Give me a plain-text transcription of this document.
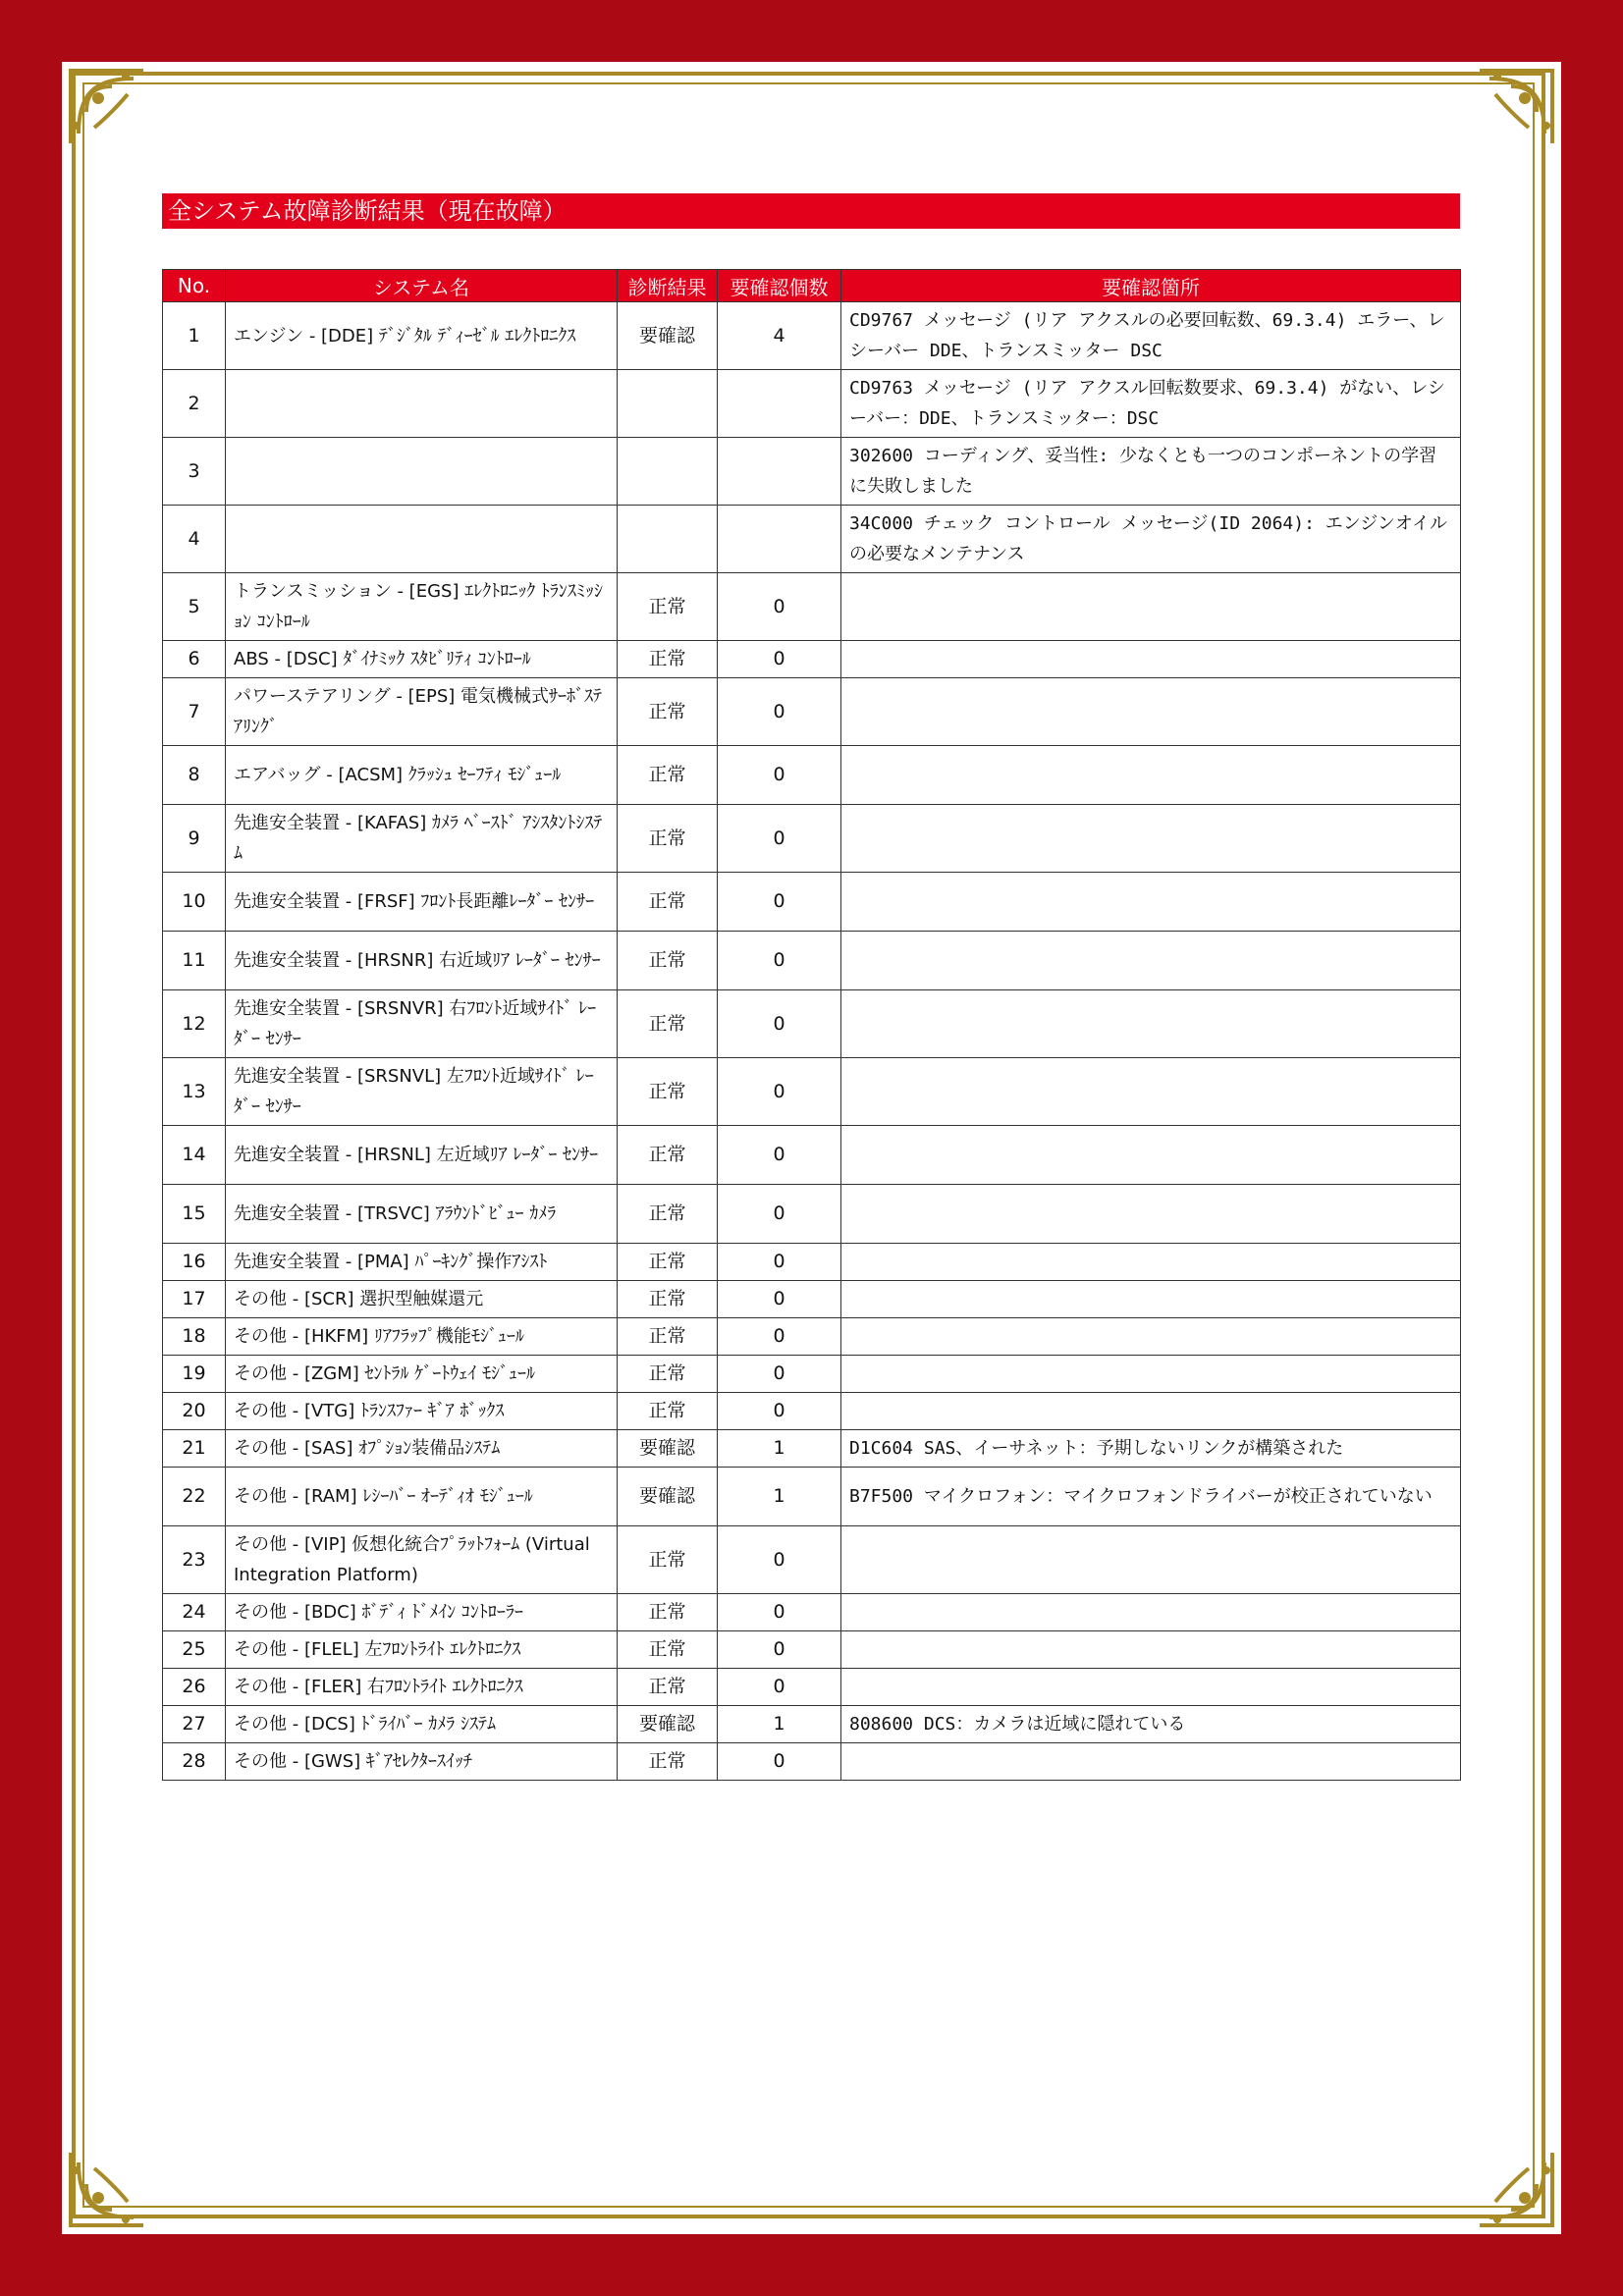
全システム故障診断結果（現在故障）
No.	システム名	診断結果	要確認個数	要確認箇所
1	エンジン - [DDE] ﾃﾞｼﾞﾀﾙ ﾃﾞｨｰｾﾞﾙ ｴﾚｸﾄﾛﾆｸｽ	要確認	4	CD9767 メッセージ (リア アクスルの必要回転数、69.3.4) エラー、レシーバー DDE、トランスミッター DSC
2				CD9763 メッセージ (リア アクスル回転数要求、69.3.4) がない、レシーバー：DDE、トランスミッター：DSC
3				302600 コーディング、妥当性: 少なくとも一つのコンポーネントの学習に失敗しました
4				34C000 チェック コントロール メッセージ(ID 2064): エンジンオイルの必要なメンテナンス
5	トランスミッション - [EGS] ｴﾚｸﾄﾛﾆｯｸ ﾄﾗﾝｽﾐｯｼｮﾝ ｺﾝﾄﾛｰﾙ	正常	0	
6	ABS - [DSC] ﾀﾞｲﾅﾐｯｸ ｽﾀﾋﾞﾘﾃｨ ｺﾝﾄﾛｰﾙ	正常	0	
7	パワーステアリング - [EPS] 電気機械式ｻｰﾎﾞｽﾃｱﾘﾝｸﾞ	正常	0	
8	エアバッグ - [ACSM] ｸﾗｯｼｭ ｾｰﾌﾃｨ ﾓｼﾞｭｰﾙ	正常	0	
9	先進安全装置 - [KAFAS] ｶﾒﾗ ﾍﾞｰｽﾄﾞ ｱｼｽﾀﾝﾄｼｽﾃﾑ	正常	0	
10	先進安全装置 - [FRSF] ﾌﾛﾝﾄ長距離ﾚｰﾀﾞｰ ｾﾝｻｰ	正常	0	
11	先進安全装置 - [HRSNR] 右近域ﾘｱ ﾚｰﾀﾞｰ ｾﾝｻｰ	正常	0	
12	先進安全装置 - [SRSNVR] 右ﾌﾛﾝﾄ近域ｻｲﾄﾞ ﾚｰﾀﾞｰ ｾﾝｻｰ	正常	0	
13	先進安全装置 - [SRSNVL] 左ﾌﾛﾝﾄ近域ｻｲﾄﾞ ﾚｰﾀﾞｰ ｾﾝｻｰ	正常	0	
14	先進安全装置 - [HRSNL] 左近域ﾘｱ ﾚｰﾀﾞｰ ｾﾝｻｰ	正常	0	
15	先進安全装置 - [TRSVC] ｱﾗｳﾝﾄﾞﾋﾞｭｰ ｶﾒﾗ	正常	0	
16	先進安全装置 - [PMA] ﾊﾟｰｷﾝｸﾞ操作ｱｼｽﾄ	正常	0	
17	その他 - [SCR] 選択型触媒還元	正常	0	
18	その他 - [HKFM] ﾘｱﾌﾗｯﾌﾟ機能ﾓｼﾞｭｰﾙ	正常	0	
19	その他 - [ZGM] ｾﾝﾄﾗﾙ ｹﾞｰﾄｳｪｲ ﾓｼﾞｭｰﾙ	正常	0	
20	その他 - [VTG] ﾄﾗﾝｽﾌｧｰ ｷﾞｱ ﾎﾞｯｸｽ	正常	0	
21	その他 - [SAS] ｵﾌﾟｼｮﾝ装備品ｼｽﾃﾑ	要確認	1	D1C604 SAS、イーサネット：予期しないリンクが構築された
22	その他 - [RAM] ﾚｼｰﾊﾞｰ ｵｰﾃﾞｨｵ ﾓｼﾞｭｰﾙ	要確認	1	B7F500 マイクロフォン：マイクロフォンドライバーが校正されていない
23	その他 - [VIP] 仮想化統合ﾌﾟﾗｯﾄﾌｫｰﾑ (Virtual Integration Platform)	正常	0	
24	その他 - [BDC] ﾎﾞﾃﾞｨ ﾄﾞﾒｲﾝ ｺﾝﾄﾛｰﾗｰ	正常	0	
25	その他 - [FLEL] 左ﾌﾛﾝﾄﾗｲﾄ ｴﾚｸﾄﾛﾆｸｽ	正常	0	
26	その他 - [FLER] 右ﾌﾛﾝﾄﾗｲﾄ ｴﾚｸﾄﾛﾆｸｽ	正常	0	
27	その他 - [DCS] ﾄﾞﾗｲﾊﾞｰ ｶﾒﾗ ｼｽﾃﾑ	要確認	1	808600 DCS：カメラは近域に隠れている
28	その他 - [GWS] ｷﾞｱｾﾚｸﾀｰｽｲｯﾁ	正常	0	
